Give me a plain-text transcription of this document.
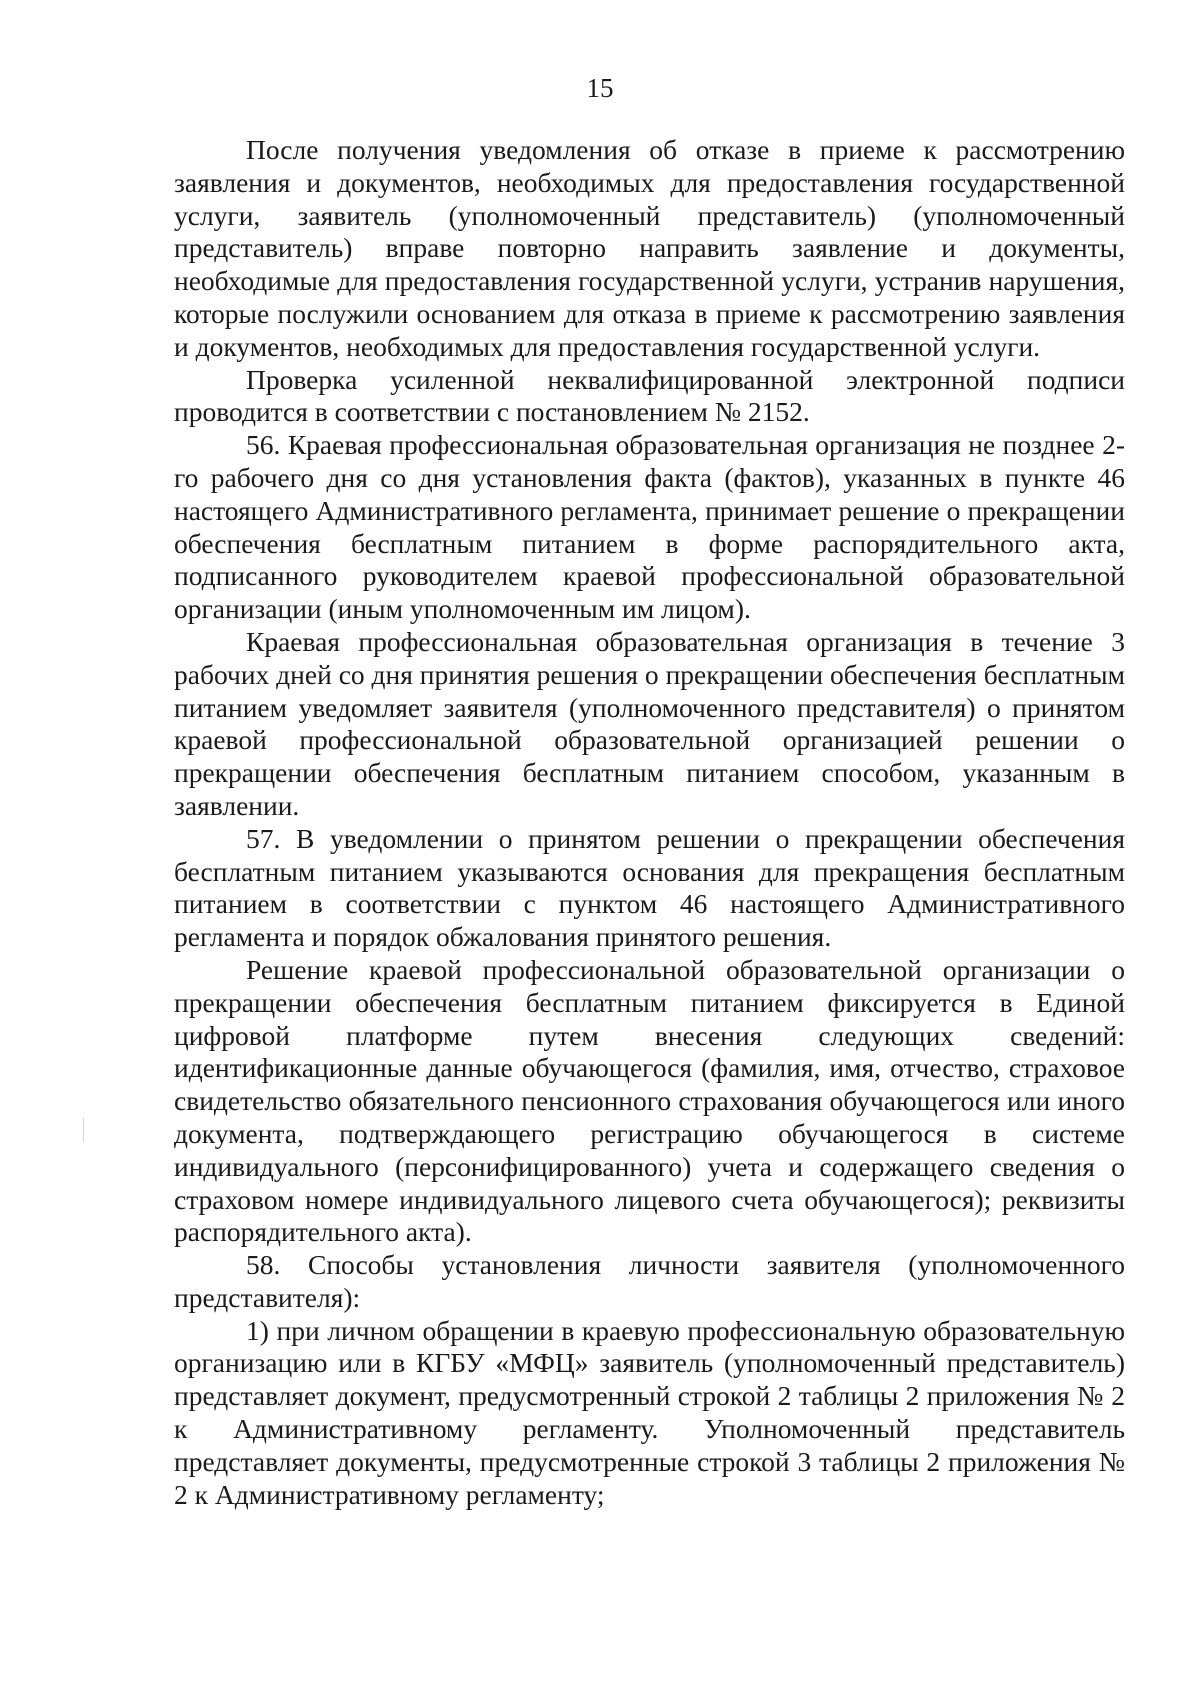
15

После получения уведомления об отказе в приеме к рассмотрению заявления и документов, необходимых для предоставления государственной услуги, заявитель (уполномоченный представитель) (уполномоченный представитель) вправе повторно направить заявление и документы, необходимые для предоставления государственной услуги, устранив нарушения, которые послужили основанием для отказа в приеме к рассмотрению заявления и документов, необходимых для предоставления государственной услуги.

Проверка усиленной неквалифицированной электронной подписи проводится в соответствии с постановлением № 2152.

56. Краевая профессиональная образовательная организация не позднее 2-го рабочего дня со дня установления факта (фактов), указанных в пункте 46 настоящего Административного регламента, принимает решение о прекращении обеспечения бесплатным питанием в форме распорядительного акта, подписанного руководителем краевой профессиональной образовательной организации (иным уполномоченным им лицом).

Краевая профессиональная образовательная организация в течение 3 рабочих дней со дня принятия решения о прекращении обеспечения бесплатным питанием уведомляет заявителя (уполномоченного представителя) о принятом краевой профессиональной образовательной организацией решении о прекращении обеспечения бесплатным питанием способом, указанным в заявлении.

57. В уведомлении о принятом решении о прекращении обеспечения бесплатным питанием указываются основания для прекращения бесплатным питанием в соответствии с пунктом 46 настоящего Административного регламента и порядок обжалования принятого решения.

Решение краевой профессиональной образовательной организации о прекращении обеспечения бесплатным питанием фиксируется в Единой цифровой платформе путем внесения следующих сведений: идентификационные данные обучающегося (фамилия, имя, отчество, страховое свидетельство обязательного пенсионного страхования обучающегося или иного документа, подтверждающего регистрацию обучающегося в системе индивидуального (персонифицированного) учета и содержащего сведения о страховом номере индивидуального лицевого счета обучающегося); реквизиты распорядительного акта).

58. Способы установления личности заявителя (уполномоченного представителя):

1) при личном обращении в краевую профессиональную образовательную организацию или в КГБУ «МФЦ» заявитель (уполномоченный представитель) представляет документ, предусмотренный строкой 2 таблицы 2 приложения № 2 к Административному регламенту. Уполномоченный представитель представляет документы, предусмотренные строкой 3 таблицы 2 приложения № 2 к Административному регламенту;
